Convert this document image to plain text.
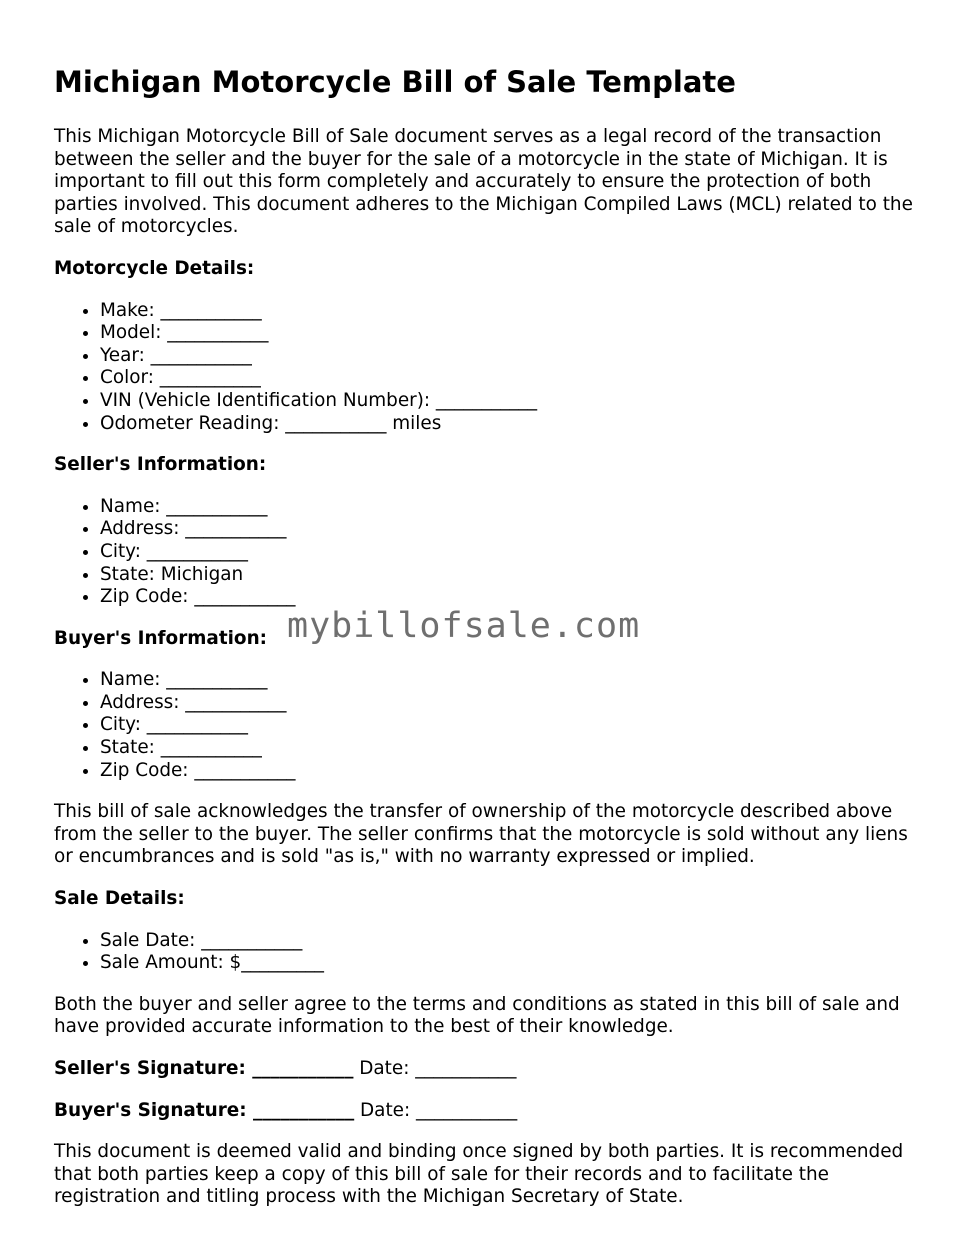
Michigan Motorcycle Bill of Sale Template

This Michigan Motorcycle Bill of Sale document serves as a legal record of the transaction between the seller and the buyer for the sale of a motorcycle in the state of Michigan. It is important to fill out this form completely and accurately to ensure the protection of both parties involved. This document adheres to the Michigan Compiled Laws (MCL) related to the sale of motorcycles.

Motorcycle Details:
• Make: ___________
• Model: ___________
• Year: ___________
• Color: ___________
• VIN (Vehicle Identification Number): ___________
• Odometer Reading: ___________ miles
Seller's Information:
• Name: ___________
• Address: ___________
• City: ___________
• State: Michigan
• Zip Code: ___________
Buyer's Information:
• Name: ___________
• Address: ___________
• City: ___________
• State: ___________
• Zip Code: ___________

This bill of sale acknowledges the transfer of ownership of the motorcycle described above from the seller to the buyer. The seller confirms that the motorcycle is sold without any liens or encumbrances and is sold "as is," with no warranty expressed or implied.

Sale Details:
• Sale Date: ___________
• Sale Amount: $_________

Both the buyer and seller agree to the terms and conditions as stated in this bill of sale and have provided accurate information to the best of their knowledge.

Seller's Signature: ___________ Date: ___________
Buyer's Signature: ___________ Date: ___________

This document is deemed valid and binding once signed by both parties. It is recommended that both parties keep a copy of this bill of sale for their records and to facilitate the registration and titling process with the Michigan Secretary of State.

mybillofsale.com
